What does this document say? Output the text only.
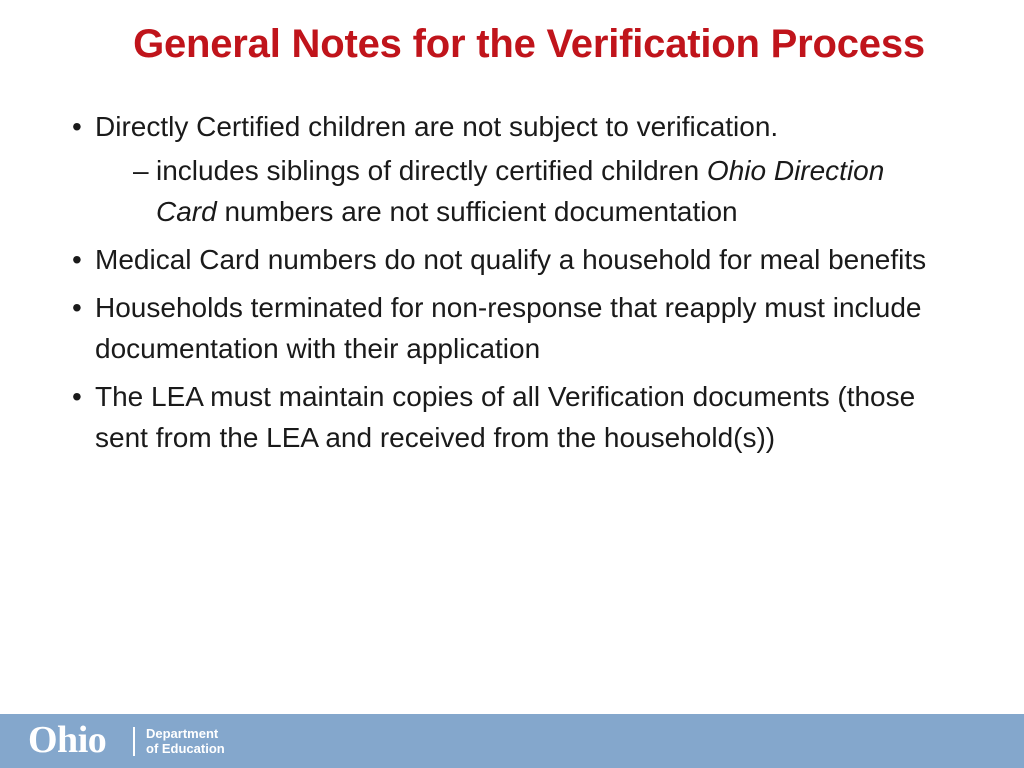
General Notes for the Verification Process
• Directly Certified children are not subject to verification.
– includes siblings of directly certified children Ohio Direction Card numbers are not sufficient documentation
• Medical Card numbers do not qualify a household for meal benefits
• Households terminated for non-response that reapply must include documentation with their application
• The LEA must maintain copies of all Verification documents (those sent from the LEA and received from the household(s))
Ohio	Department
of Education
